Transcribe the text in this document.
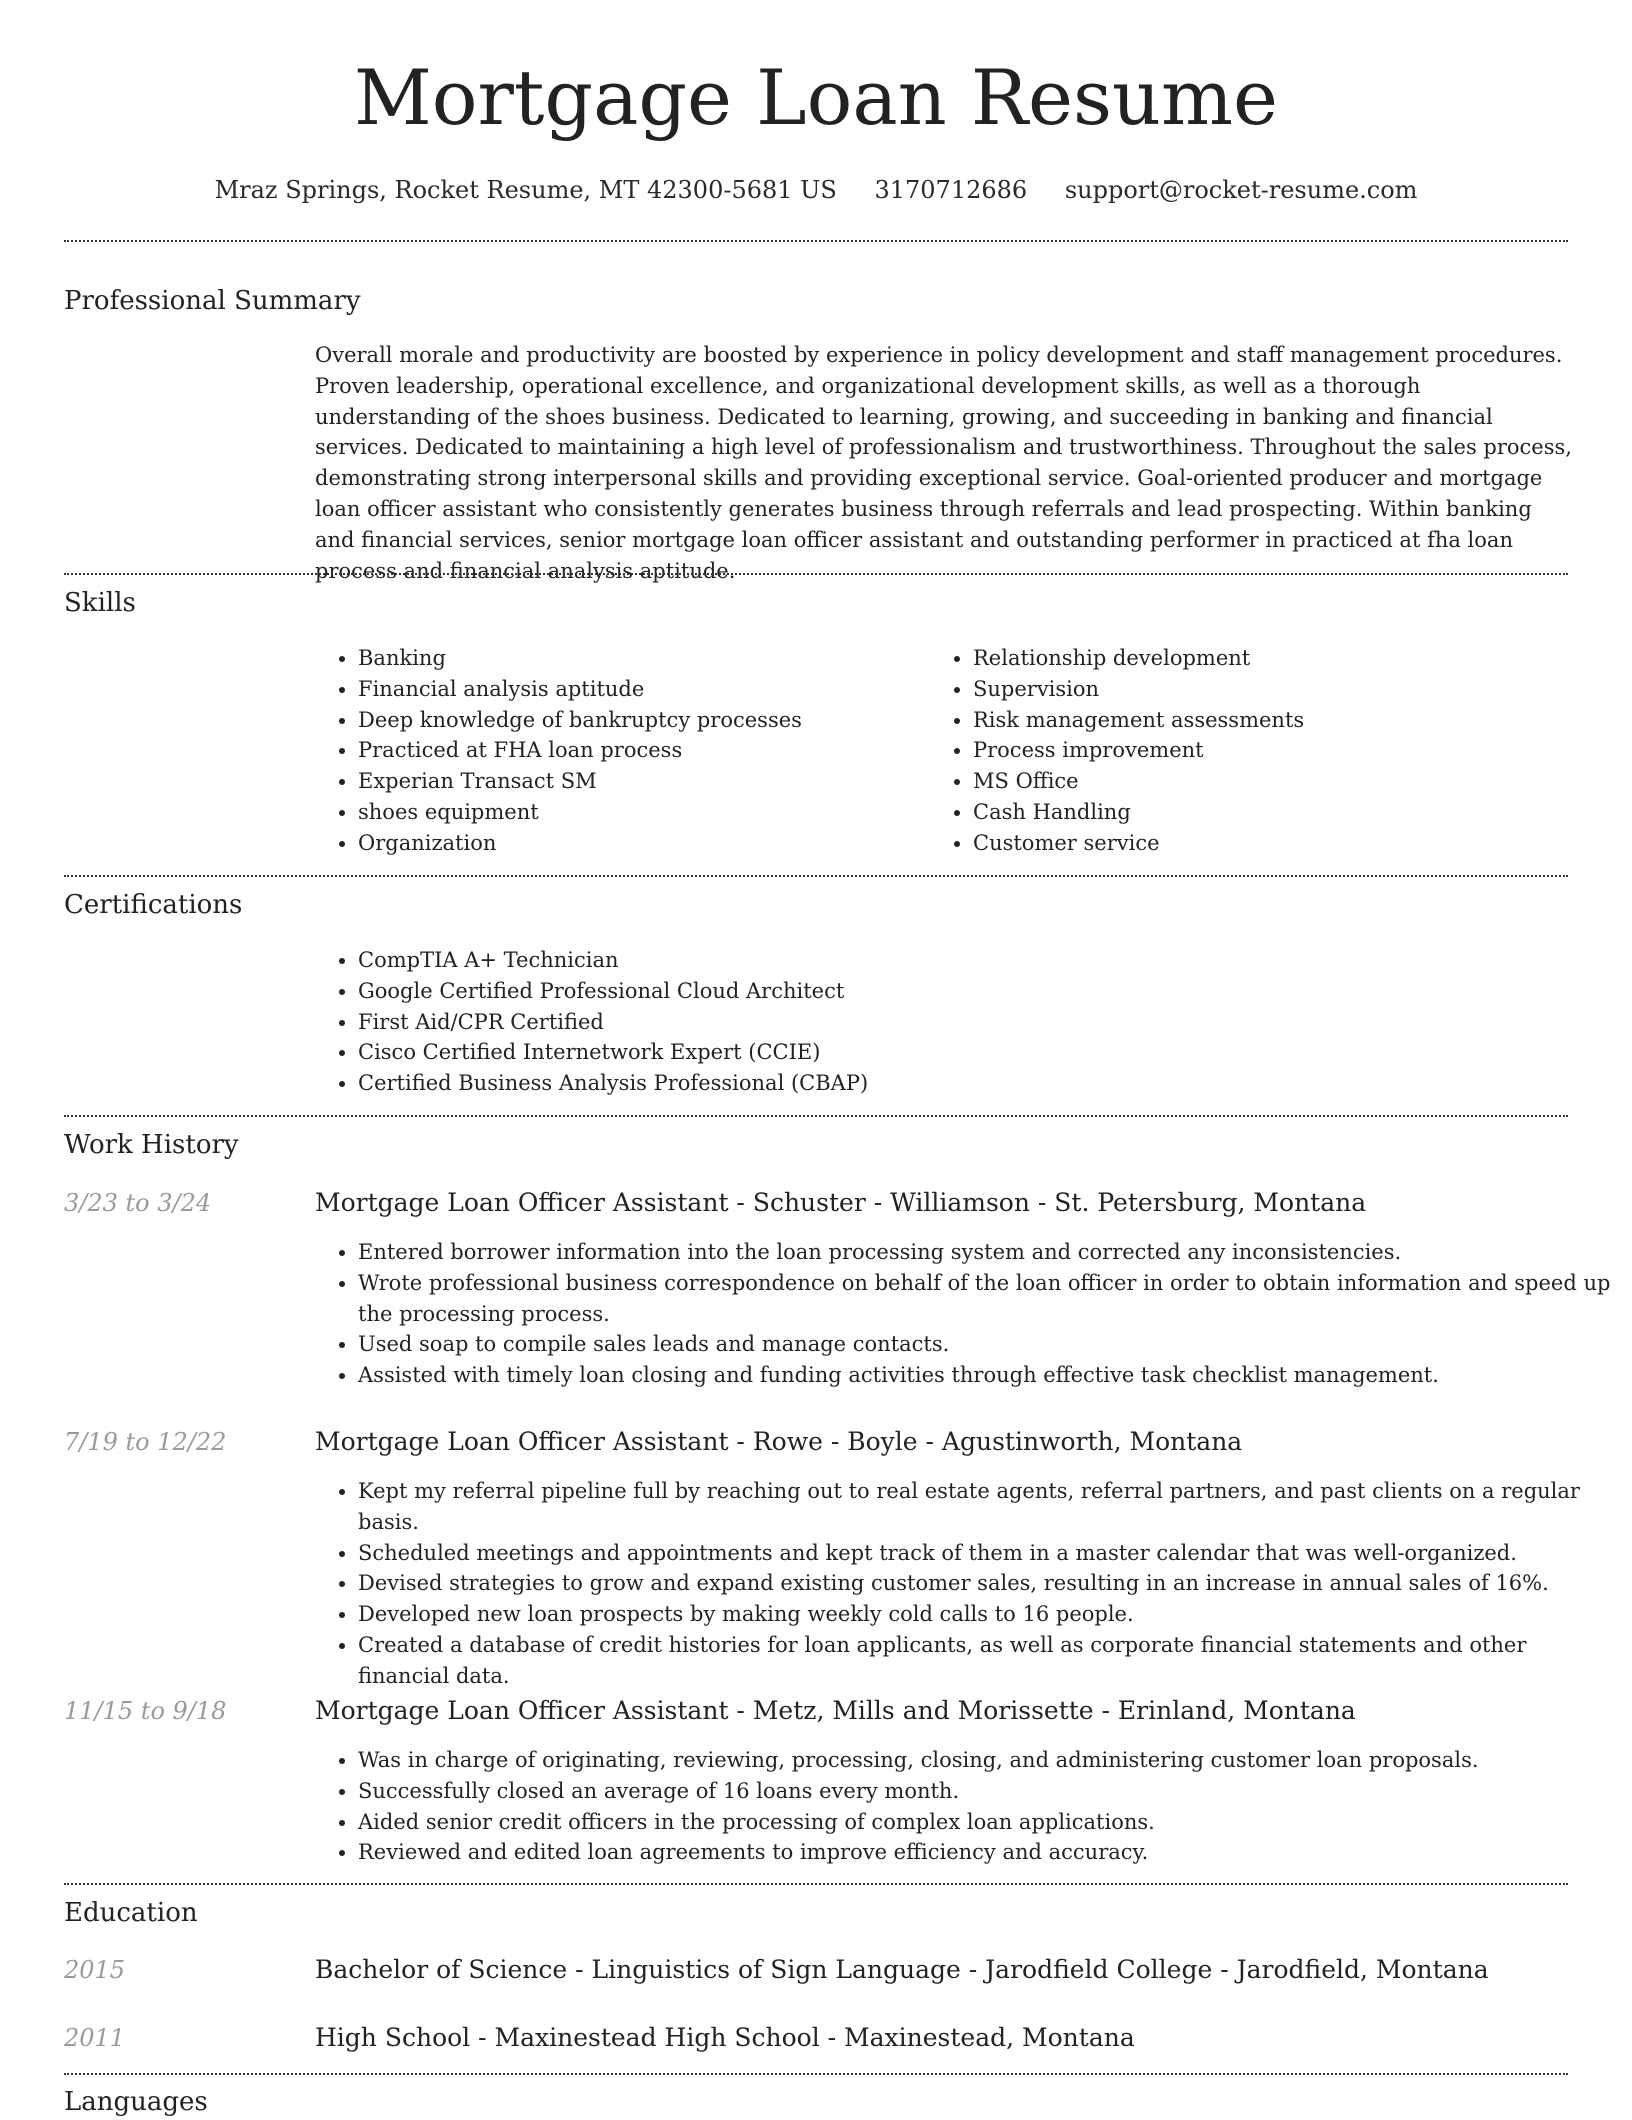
Mortgage Loan Resume
Mraz Springs, Rocket Resume, MT 42300-5681 US 3170712686 support@rocket-resume.com
Professional Summary

Overall morale and productivity are boosted by experience in policy development and staff management procedures. Proven leadership, operational excellence, and organizational development skills, as well as a thorough understanding of the shoes business. Dedicated to learning, growing, and succeeding in banking and financial services. Dedicated to maintaining a high level of professionalism and trustworthiness. Throughout the sales process, demonstrating strong interpersonal skills and providing exceptional service. Goal-oriented producer and mortgage loan officer assistant who consistently generates business through referrals and lead prospecting. Within banking and financial services, senior mortgage loan officer assistant and outstanding performer in practiced at fha loan process and financial analysis aptitude.

Skills
• Banking
• Financial analysis aptitude
• Deep knowledge of bankruptcy processes
• Practiced at FHA loan process
• Experian Transact SM
• shoes equipment
• Organization
• Relationship development
• Supervision
• Risk management assessments
• Process improvement
• MS Office
• Cash Handling
• Customer service
Certifications
• CompTIA A+ Technician
• Google Certified Professional Cloud Architect
• First Aid/CPR Certified
• Cisco Certified Internetwork Expert (CCIE)
• Certified Business Analysis Professional (CBAP)
Work History
3/23 to 3/24	Mortgage Loan Officer Assistant - Schuster - Williamson - St. Petersburg, Montana
• Entered borrower information into the loan processing system and corrected any inconsistencies.
• Wrote professional business correspondence on behalf of the loan officer in order to obtain information and speed up the processing process.
• Used soap to compile sales leads and manage contacts.
• Assisted with timely loan closing and funding activities through effective task checklist management.
7/19 to 12/22	Mortgage Loan Officer Assistant - Rowe - Boyle - Agustinworth, Montana
• Kept my referral pipeline full by reaching out to real estate agents, referral partners, and past clients on a regular basis.
• Scheduled meetings and appointments and kept track of them in a master calendar that was well-organized.
• Devised strategies to grow and expand existing customer sales, resulting in an increase in annual sales of 16%.
• Developed new loan prospects by making weekly cold calls to 16 people.
• Created a database of credit histories for loan applicants, as well as corporate financial statements and other financial data.
11/15 to 9/18	Mortgage Loan Officer Assistant - Metz, Mills and Morissette - Erinland, Montana
• Was in charge of originating, reviewing, processing, closing, and administering customer loan proposals.
• Successfully closed an average of 16 loans every month.
• Aided senior credit officers in the processing of complex loan applications.
• Reviewed and edited loan agreements to improve efficiency and accuracy.
Education
2015	Bachelor of Science - Linguistics of Sign Language - Jarodfield College - Jarodfield, Montana
2011	High School - Maxinestead High School - Maxinestead, Montana
Languages
